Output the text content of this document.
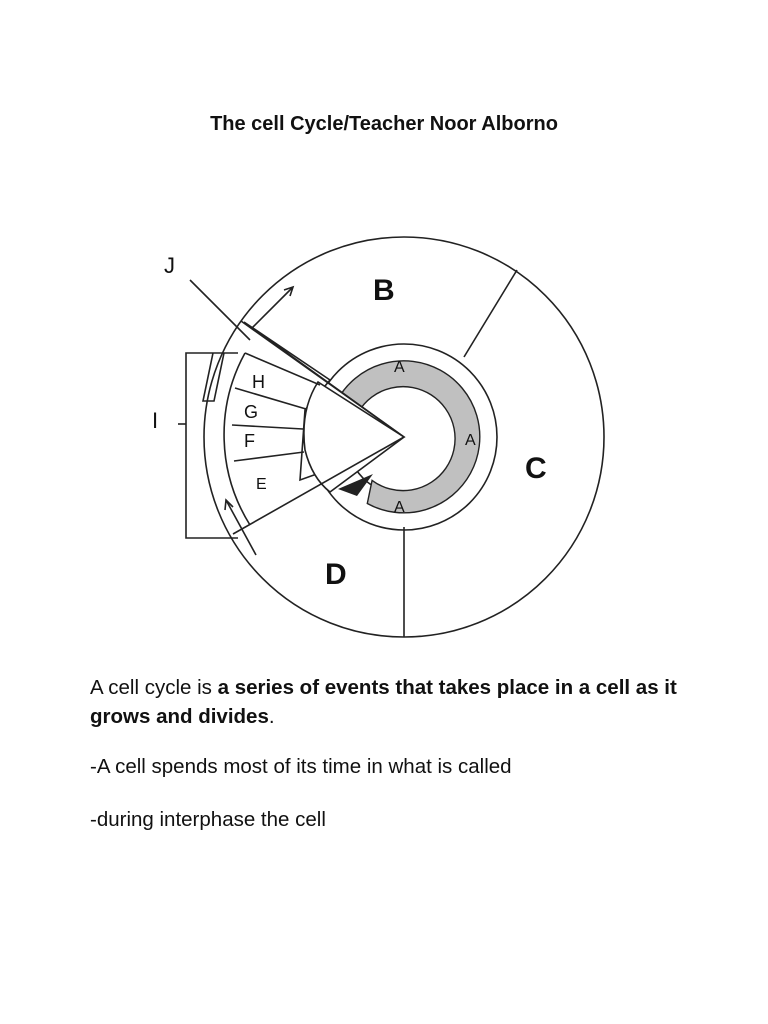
The cell Cycle/Teacher Noor Alborno
B
C
D
A
A
A
H
G
F
E
I
J
A cell cycle is a series of events that takes place in a cell as it grows and divides.
-A cell spends most of its time in what is called
-during interphase the cell
